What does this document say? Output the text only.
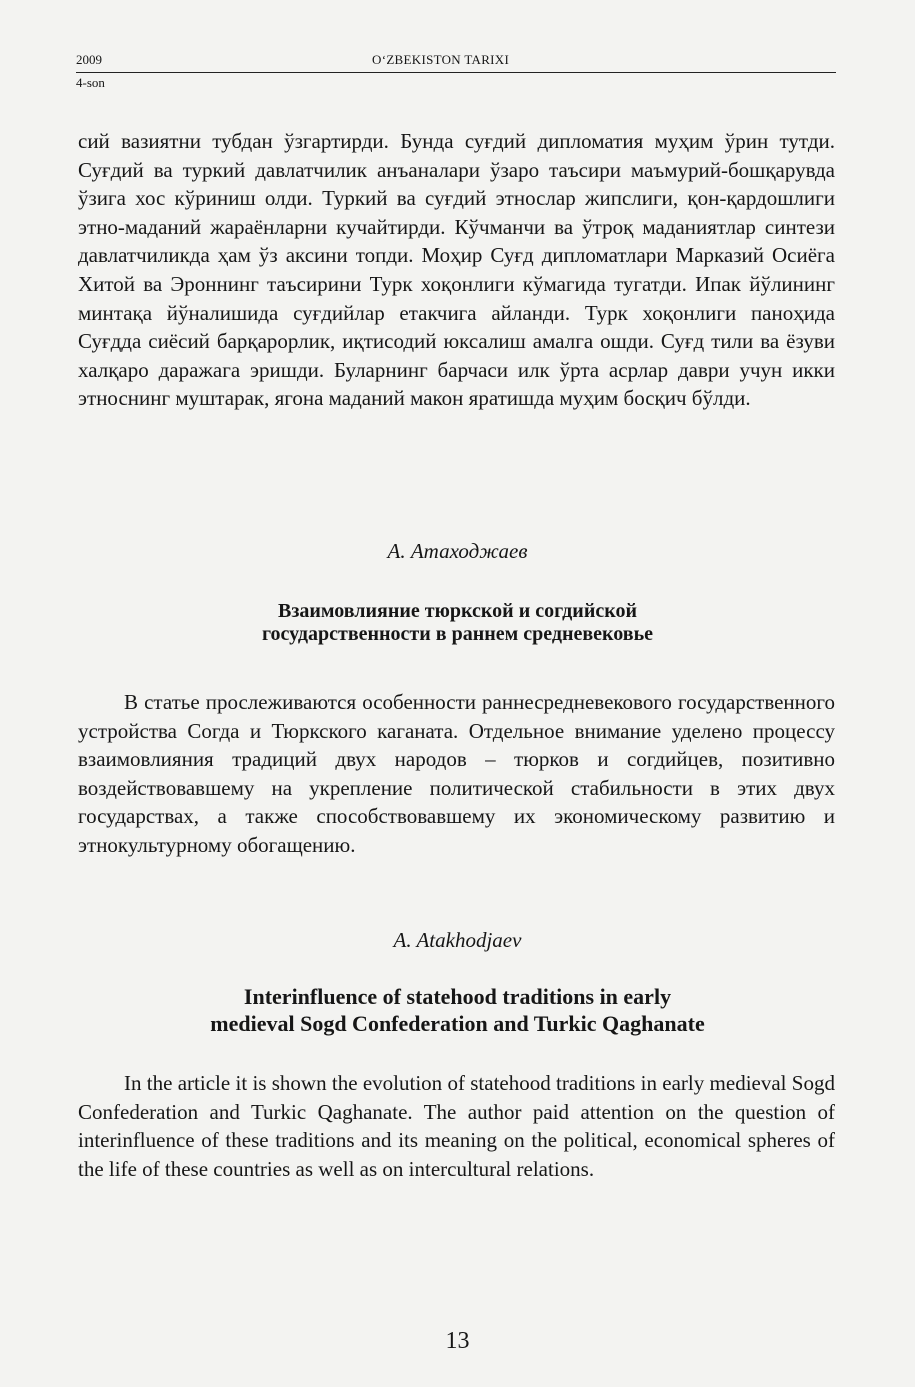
2009	O‘ZBEKISTON TARIXI
4-son

сий вазиятни тубдан ўзгартирди. Бунда суғдий дипломатия муҳим ўрин тутди. Суғдий ва туркий давлатчилик анъаналари ўзаро таъсири маъмурий-бошқарувда ўзига хос кўриниш олди. Туркий ва суғдий этнослар жипслиги, қон-қардошлиги этно-маданий жараёнларни кучайтирди. Кўчманчи ва ўтроқ маданиятлар синтези давлатчиликда ҳам ўз аксини топди. Моҳир Суғд дипломатлари Марказий Осиёга Хитой ва Эроннинг таъсирини Турк хоқонлиги кўмагида тугатди. Ипак йўлининг минтақа йўналишида суғдийлар етакчига айланди. Турк хоқонлиги паноҳида Суғдда сиёсий барқарорлик, иқтисодий юксалиш амалга ошди. Суғд тили ва ёзуви халқаро даражага эришди. Буларнинг барчаси илк ўрта асрлар даври учун икки этноснинг муштарак, ягона маданий макон яратишда муҳим босқич бўлди.

А. Атаходжаев

Взаимовлияние тюркской и согдийской
государственности в раннем средневековье

В статье прослеживаются особенности раннесредневекового государственного устройства Согда и Тюркского каганата. Отдельное внимание уделено процессу взаимовлияния традиций двух народов – тюрков и согдийцев, позитивно воздействовавшему на укрепление политической стабильности в этих двух государствах, а также способствовавшему их экономическому развитию и этнокультурному обогащению.

A. Atakhodjaev

Interinfluence of statehood traditions in early
medieval Sogd Confederation and Turkic Qaghanate

In the article it is shown the evolution of statehood traditions in early medieval Sogd Confederation and Turkic Qaghanate. The author paid attention on the question of interinfluence of these traditions and its meaning on the political, economical spheres of the life of these countries as well as on intercultural relations.

13
